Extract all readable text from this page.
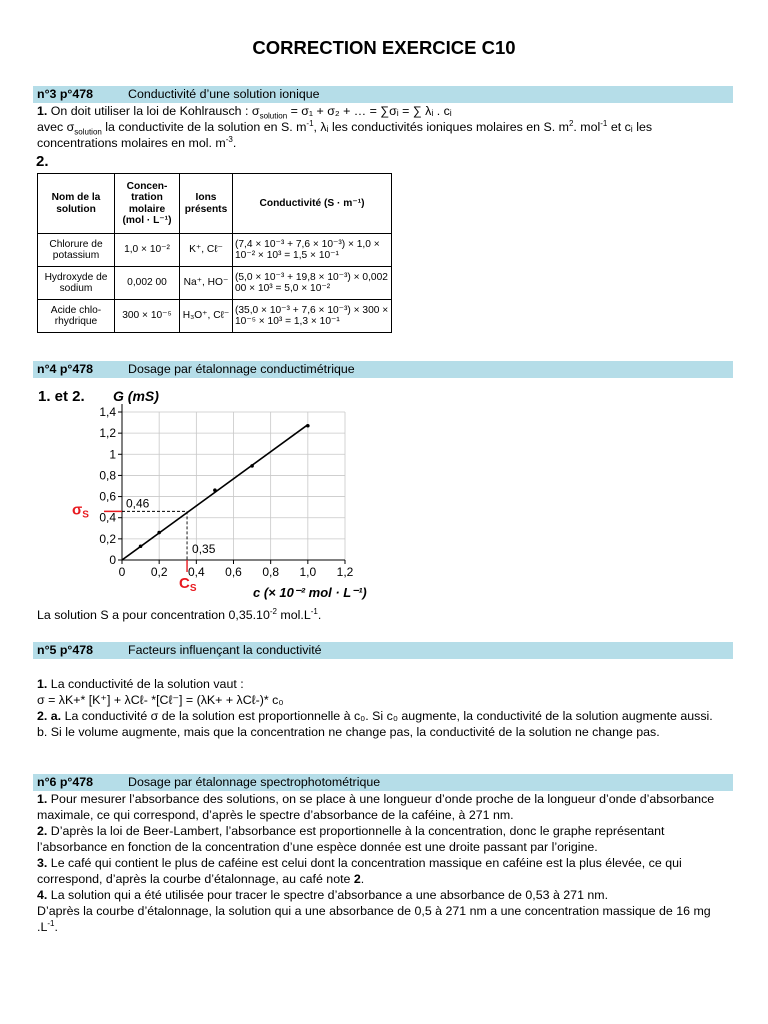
CORRECTION EXERCICE C10
n°3 p°478	Conductivité d’une solution ionique

1. On doit utiliser la loi de Kohlrausch : $\sigma_{solution} = \sigma_1 + \sigma_2$ + … = ∑σᵢ = ∑ λᵢ . cᵢ

avec $\sigma_{solution}$ la conductivite de la solution en S. $m^{-1}$, λᵢ les conductivités ioniques molaires en S. $m^2$. mol$^{-1}$ et cᵢ les

concentrations molaires en mol. $m^{-3}$.

2.
Nom de la solution	Concen-tration molaire (mol · L⁻¹)	Ions présents	Conductivité (S · m⁻¹)
Chlorure de potassium	1,0 × 10⁻²	K⁺, Cℓ⁻	(7,4 × 10⁻³ + 7,6 × 10⁻³) × 1,0 × 10⁻² × 10³ = 1,5 × 10⁻¹
Hydroxyde de sodium	0,002 00	Na⁺, HO⁻	(5,0 × 10⁻³ + 19,8 × 10⁻³) × 0,002 00 × 10³ = 5,0 × 10⁻²
Acide chlo-rhydrique	300 × 10⁻⁵	H₃O⁺, Cℓ⁻	(35,0 × 10⁻³ + 7,6 × 10⁻³) × 300 × 10⁻⁵ × 10³ = 1,3 × 10⁻¹
n°4 p°478	Dosage par étalonnage conductimétrique
1. et 2. G (mS)
0 0,2 0,4 0,6 0,8 1,0 1,2
0
0,2
0,4
0,6
0,8
1
1,2
1,4
0,46
0,35
$\sigma_S$
$C_S$	c (× 10⁻² mol · L⁻¹)

La solution S a pour concentration $0,35.10^{-2}$ $mol.L^{-1}$.

n°5 p°478	Facteurs influençant la conductivité

1. La conductivité de la solution vaut :

σ = λK+* [K⁺] + λCℓ- *[Cℓ⁻] = (λK+ + λCℓ-)* c₀

2. a. La conductivité σ de la solution est proportionnelle à c₀. Si c₀ augmente, la conductivité de la solution augmente aussi.

b. Si le volume augmente, mais que la concentration ne change pas, la conductivité de la solution ne change pas.

n°6 p°478	Dosage par étalonnage spectrophotométrique

1. Pour mesurer l’absorbance des solutions, on se place à une longueur d’onde proche de la longueur d’onde d’absorbance maximale, ce qui correspond, d’après le spectre d’absorbance de la caféine, à 271 nm.

2. D’après la loi de Beer-Lambert, l’absorbance est proportionnelle à la concentration, donc le graphe représentant l’absorbance en fonction de la concentration d’une espèce donnée est une droite passant par l’origine.

3. Le café qui contient le plus de caféine est celui dont la concentration massique en caféine est la plus élevée, ce qui correspond, d’après la courbe d’étalonnage, au café note 2.

4. La solution qui a été utilisée pour tracer le spectre d’absorbance a une absorbance de 0,53 à 271 nm.

D’après la courbe d’étalonnage, la solution qui a une absorbance de 0,5 à 271 nm a une concentration massique de 16 mg $.L^{-1}$.
